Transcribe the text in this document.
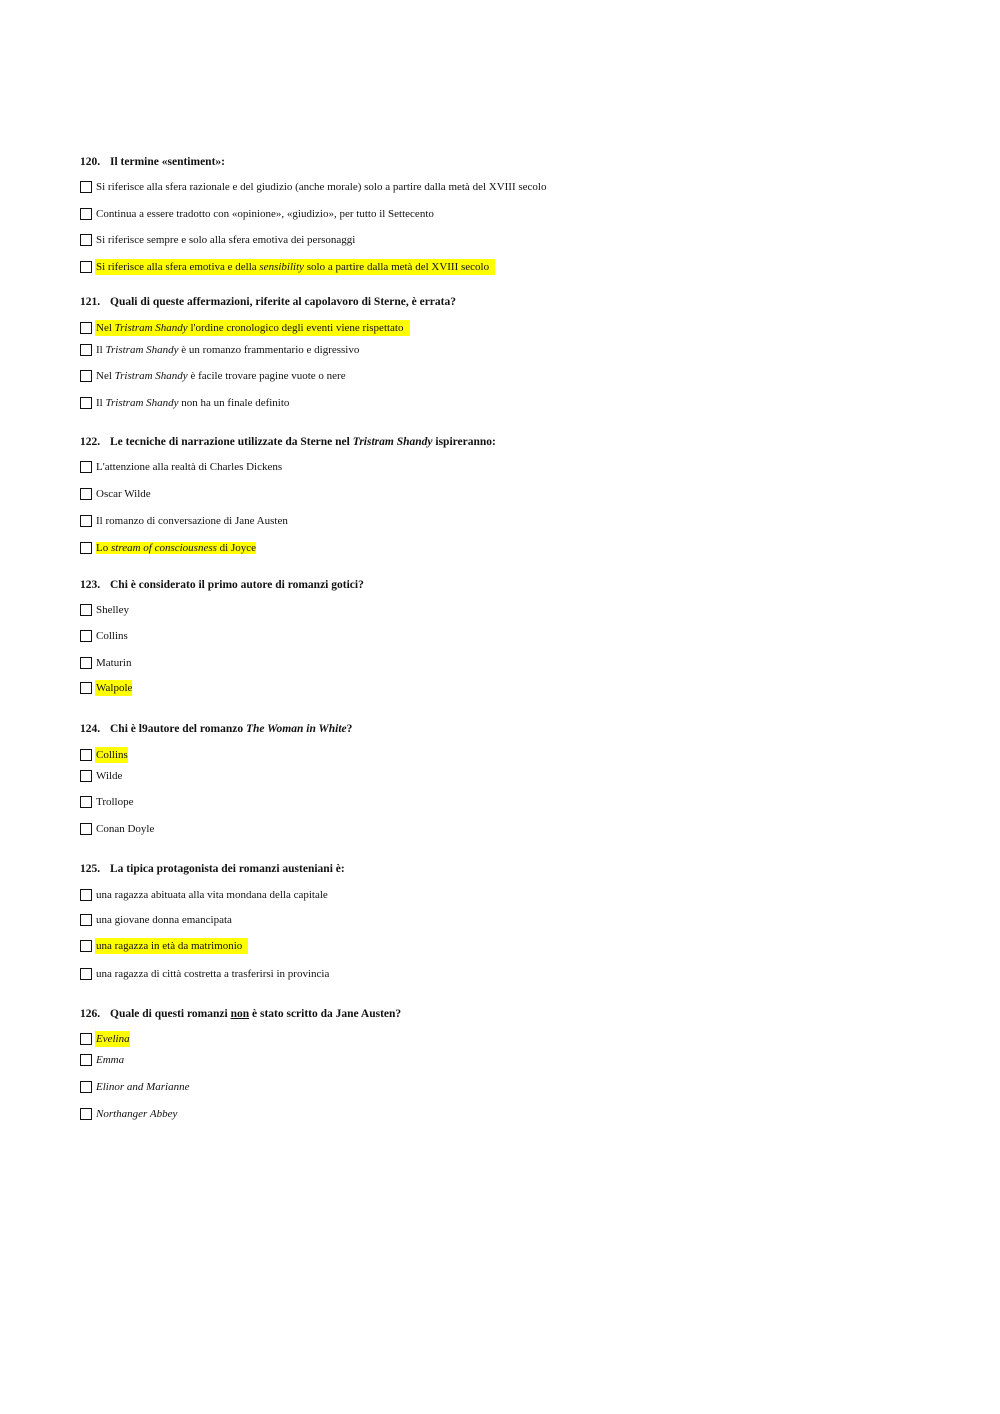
120. Il termine «sentiment»:
Si riferisce alla sfera razionale e del giudizio (anche morale) solo a partire dalla metà del XVIII secolo
Continua a essere tradotto con «opinione», «giudizio», per tutto il Settecento
Si riferisce sempre e solo alla sfera emotiva dei personaggi
Si riferisce alla sfera emotiva e della sensibility solo a partire dalla metà del XVIII secolo
121. Quali di queste affermazioni, riferite al capolavoro di Sterne, è errata?
Nel Tristram Shandy l'ordine cronologico degli eventi viene rispettato
Il Tristram Shandy è un romanzo frammentario e digressivo
Nel Tristram Shandy è facile trovare pagine vuote o nere
Il Tristram Shandy non ha un finale definito
122. Le tecniche di narrazione utilizzate da Sterne nel Tristram Shandy ispireranno:
L'attenzione alla realtà di Charles Dickens
Oscar Wilde
Il romanzo di conversazione di Jane Austen
Lo stream of consciousness di Joyce
123. Chi è considerato il primo autore di romanzi gotici?
Shelley
Collins
Maturin
Walpole
124. Chi è l9autore del romanzo The Woman in White?
Collins
Wilde
Trollope
Conan Doyle
125. La tipica protagonista dei romanzi austeniani è:
una ragazza abituata alla vita mondana della capitale
una giovane donna emancipata
una ragazza in età da matrimonio
una ragazza di città costretta a trasferirsi in provincia
126. Quale di questi romanzi non è stato scritto da Jane Austen?
Evelina
Emma
Elinor and Marianne
Northanger Abbey
